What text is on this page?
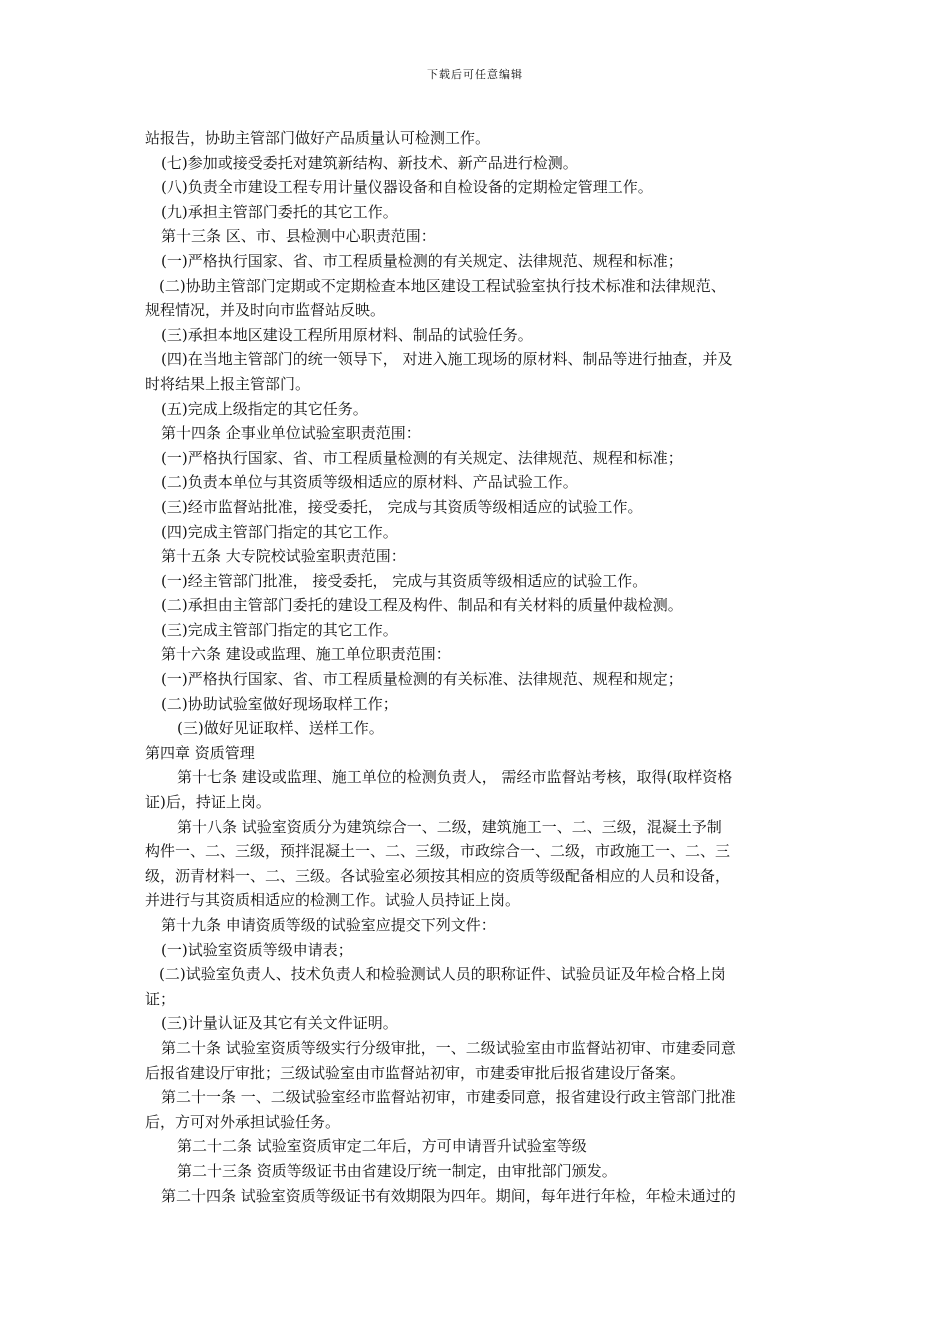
下载后可任意编辑
站报告，协助主管部门做好产品质量认可检测工作。
(七)参加或接受委托对建筑新结构、新技术、新产品进行检测。
(八)负责全市建设工程专用计量仪器设备和自检设备的定期检定管理工作。
(九)承担主管部门委托的其它工作。
第十三条 区、市、县检测中心职责范围：
(一)严格执行国家、省、市工程质量检测的有关规定、法律规范、规程和标准；
(二)协助主管部门定期或不定期检查本地区建设工程试验室执行技术标准和法律规范、
规程情况，并及时向市监督站反映。
(三)承担本地区建设工程所用原材料、制品的试验任务。
(四)在当地主管部门的统一领导下， 对进入施工现场的原材料、制品等进行抽查，并及
时将结果上报主管部门。
(五)完成上级指定的其它任务。
第十四条 企事业单位试验室职责范围：
(一)严格执行国家、省、市工程质量检测的有关规定、法律规范、规程和标准；
(二)负责本单位与其资质等级相适应的原材料、产品试验工作。
(三)经市监督站批准，接受委托， 完成与其资质等级相适应的试验工作。
(四)完成主管部门指定的其它工作。
第十五条 大专院校试验室职责范围：
(一)经主管部门批准， 接受委托， 完成与其资质等级相适应的试验工作。
(二)承担由主管部门委托的建设工程及构件、制品和有关材料的质量仲裁检测。
(三)完成主管部门指定的其它工作。
第十六条 建设或监理、施工单位职责范围：
(一)严格执行国家、省、市工程质量检测的有关标准、法律规范、规程和规定；
(二)协助试验室做好现场取样工作；
(三)做好见证取样、送样工作。
第四章 资质管理
第十七条 建设或监理、施工单位的检测负责人， 需经市监督站考核，取得(取样资格
证)后，持证上岗。
第十八条 试验室资质分为建筑综合一、二级，建筑施工一、二、三级，混凝土予制
构件一、二、三级，预拌混凝土一、二、三级，市政综合一、二级，市政施工一、二、三
级，沥青材料一、二、三级。各试验室必须按其相应的资质等级配备相应的人员和设备，
并进行与其资质相适应的检测工作。试验人员持证上岗。
第十九条 申请资质等级的试验室应提交下列文件：
(一)试验室资质等级申请表；
(二)试验室负责人、技术负责人和检验测试人员的职称证件、试验员证及年检合格上岗
证；
(三)计量认证及其它有关文件证明。
第二十条 试验室资质等级实行分级审批，一、二级试验室由市监督站初审、市建委同意
后报省建设厅审批；三级试验室由市监督站初审，市建委审批后报省建设厅备案。
第二十一条 一、二级试验室经市监督站初审，市建委同意，报省建设行政主管部门批准
后，方可对外承担试验任务。
第二十二条 试验室资质审定二年后，方可申请晋升试验室等级
第二十三条 资质等级证书由省建设厅统一制定，由审批部门颁发。
第二十四条 试验室资质等级证书有效期限为四年。期间，每年进行年检，年检未通过的
